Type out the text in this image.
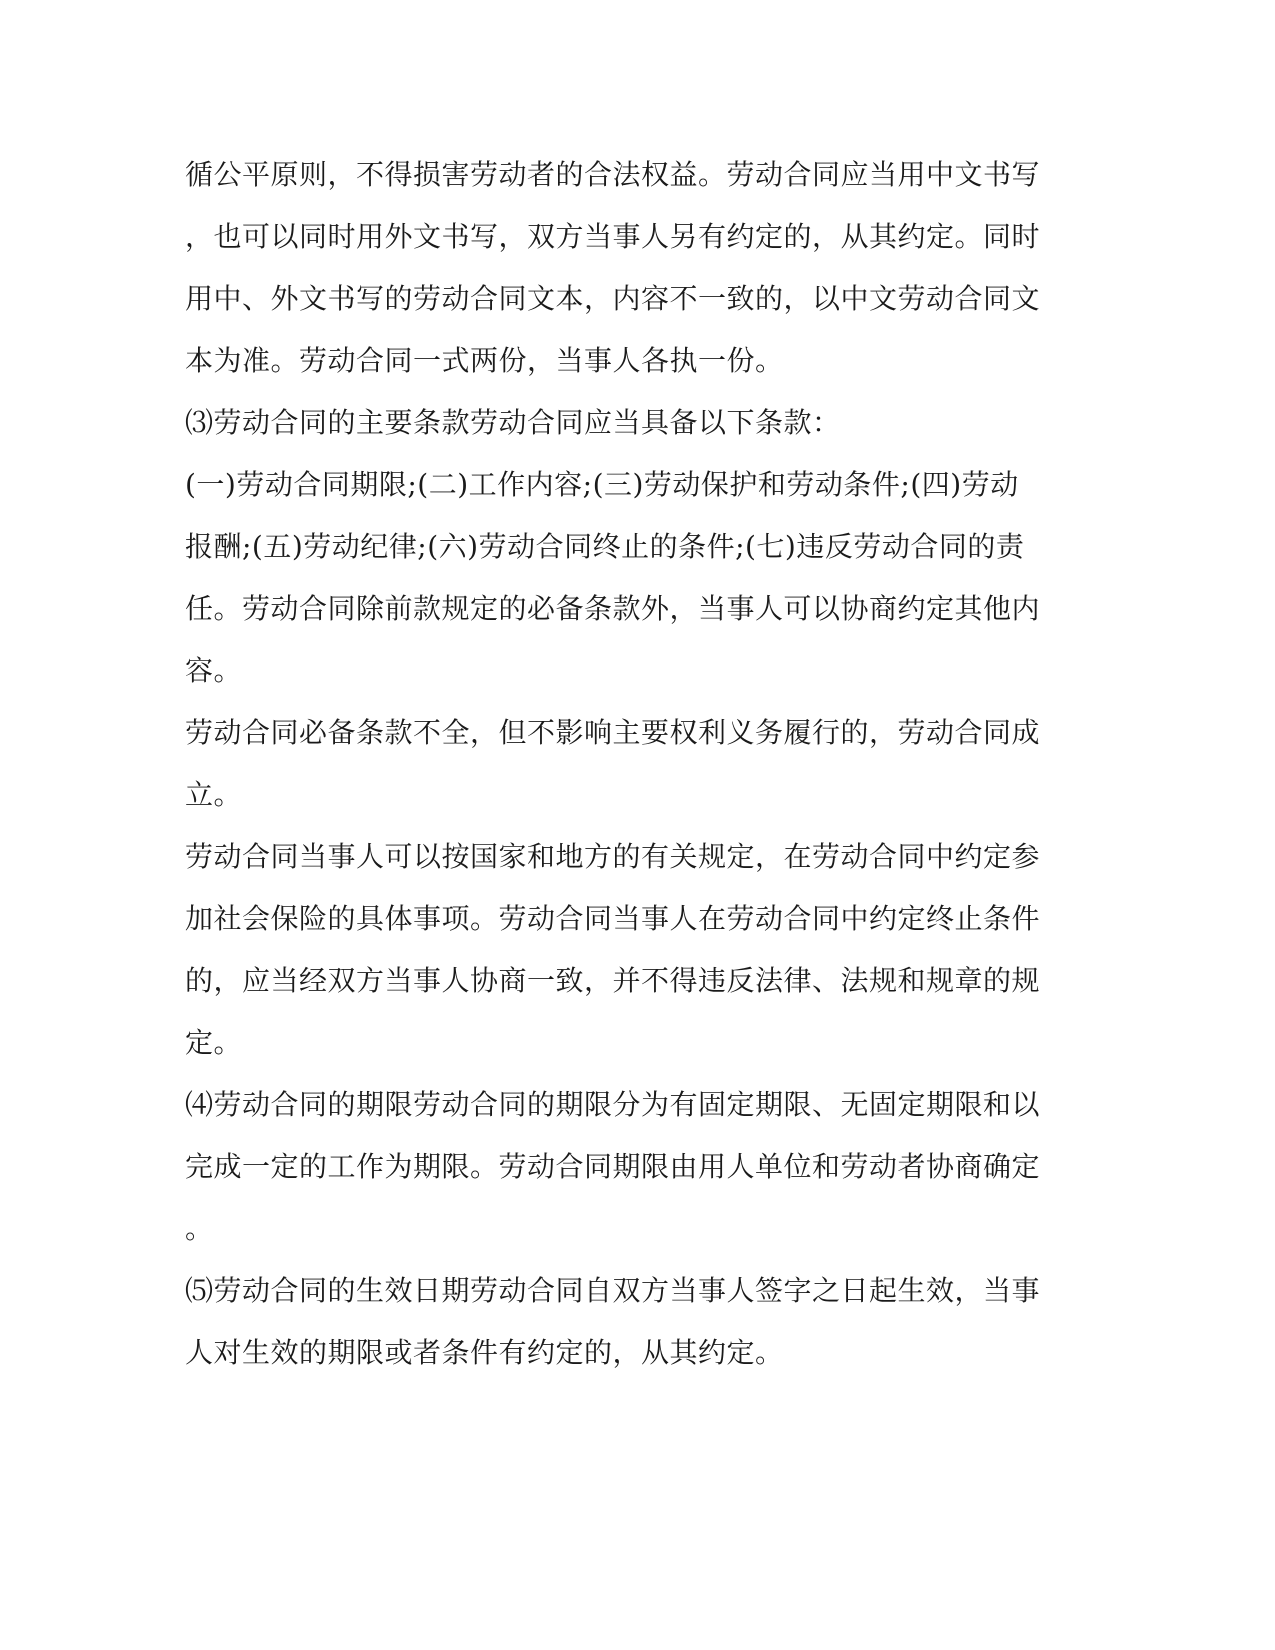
循公平原则，不得损害劳动者的合法权益。劳动合同应当用中文书写
，也可以同时用外文书写，双方当事人另有约定的，从其约定。同时
用中、外文书写的劳动合同文本，内容不一致的，以中文劳动合同文
本为准。劳动合同一式两份，当事人各执一份。
⑶劳动合同的主要条款劳动合同应当具备以下条款：
(一)劳动合同期限;(二)工作内容;(三)劳动保护和劳动条件;(四)劳动
报酬;(五)劳动纪律;(六)劳动合同终止的条件;(七)违反劳动合同的责
任。劳动合同除前款规定的必备条款外，当事人可以协商约定其他内
容。
劳动合同必备条款不全，但不影响主要权利义务履行的，劳动合同成
立。
劳动合同当事人可以按国家和地方的有关规定，在劳动合同中约定参
加社会保险的具体事项。劳动合同当事人在劳动合同中约定终止条件
的，应当经双方当事人协商一致，并不得违反法律、法规和规章的规
定。
⑷劳动合同的期限劳动合同的期限分为有固定期限、无固定期限和以
完成一定的工作为期限。劳动合同期限由用人单位和劳动者协商确定
。
⑸劳动合同的生效日期劳动合同自双方当事人签字之日起生效，当事
人对生效的期限或者条件有约定的，从其约定。
